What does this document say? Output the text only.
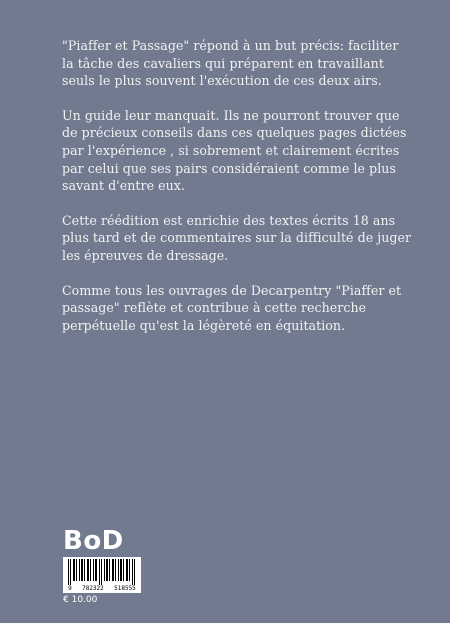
"Piaffer et Passage" répond à un but précis: faciliter
la tâche des cavaliers qui préparent en travaillant
seuls le plus souvent l'exécution de ces deux airs.

Un guide leur manquait. Ils ne pourront trouver que
de précieux conseils dans ces quelques pages dictées
par l'expérience , si sobrement et clairement écrites
par celui que ses pairs considéraient comme le plus
savant d'entre eux.

Cette réédition est enrichie des textes écrits 18 ans
plus tard et de commentaires sur la difficulté de juger
les épreuves de dressage.

Comme tous les ouvrages de Decarpentry "Piaffer et
passage" reflète et contribue à cette recherche
perpétuelle qu'est la légèreté en équitation.

BoD
9 782322 518555
€ 10.00
